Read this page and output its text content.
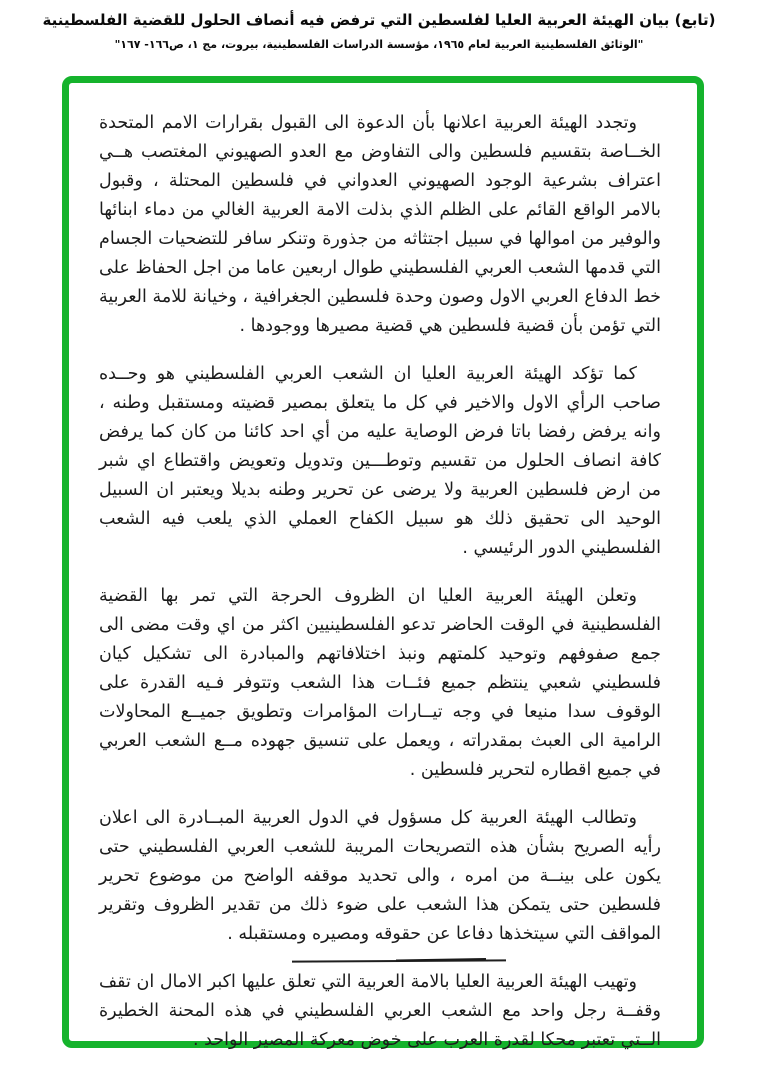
(تابع) بيان الهيئة العربية العليا لفلسطين التي ترفض فيه أنصاف الحلول للقضية الفلسطينية
"الوثائق الفلسطينية العربية لعام ١٩٦٥، مؤسسة الدراسات الفلسطينية، بيروت، مج ١، ص١٦٦- ١٦٧"

وتجدد الهيئة العربية اعلانها بأن الدعوة الى القبول بقرارات الامم المتحدة الخــاصة بتقسيم فلسطين والى التفاوض مع العدو الصهيوني المغتصب هــي اعتراف بشرعية الوجود الصهيوني العدواني في فلسطين المحتلة ، وقبول بالامر الواقع القائم على الظلم الذي بذلت الامة العربية الغالي من دماء ابنائها والوفير من اموالها في سبيل اجتثاثه من جذورة وتنكر سافر للتضحيات الجسام التي قدمها الشعب العربي الفلسطيني طوال اربعين عاما من اجل الحفاظ على خط الدفاع العربي الاول وصون وحدة فلسطين الجغرافية ، وخيانة للامة العربية التي تؤمن بأن قضية فلسطين هي قضية مصيرها ووجودها .

كما تؤكد الهيئة العربية العليا ان الشعب العربي الفلسطيني هو وحــده صاحب الرأي الاول والاخير في كل ما يتعلق بمصير قضيته ومستقبل وطنه ، وانه يرفض رفضا باتا فرض الوصاية عليه من أي احد كائنا من كان كما يرفض كافة انصاف الحلول من تقسيم وتوطـــين وتدويل وتعويض واقتطاع اي شبر من ارض فلسطين العربية ولا يرضى عن تحرير وطنه بديلا ويعتبر ان السبيل الوحيد الى تحقيق ذلك هو سبيل الكفاح العملي الذي يلعب فيه الشعب الفلسطيني الدور الرئيسي .

وتعلن الهيئة العربية العليا ان الظروف الحرجة التي تمر بها القضية الفلسطينية في الوقت الحاضر تدعو الفلسطينيين اكثر من اي وقت مضى الى جمع صفوفهم وتوحيد كلمتهم ونبذ اختلافاتهم والمبادرة الى تشكيل كيان فلسطيني شعبي ينتظم جميع فئــات هذا الشعب وتتوفر فـيه القدرة على الوقوف سدا منيعا في وجه تيــارات المؤامرات وتطويق جميــع المحاولات الرامية الى العبث بمقدراته ، ويعمل على تنسيق جهوده مــع الشعب العربي في جميع اقطاره لتحرير فلسطين .

وتطالب الهيئة العربية كل مسؤول في الدول العربية المبــادرة الى اعلان رأيه الصريح بشأن هذه التصريحات المريبة للشعب العربي الفلسطيني حتى يكون على بينــة من امره ، والى تحديد موقفه الواضح من موضوع تحرير فلسطين حتى يتمكن هذا الشعب على ضوء ذلك من تقدير الظروف وتقرير المواقف التي سيتخذها دفاعا عن حقوقه ومصيره ومستقبله .

وتهيب الهيئة العربية العليا بالامة العربية التي تعلق عليها اكبر الامال ان تقف وقفــة رجل واحد مع الشعب العربي الفلسطيني في هذه المحنة الخطيرة الــتي تعتبر محكا لقدرة العرب على خوض معركة المصير الواحد .
